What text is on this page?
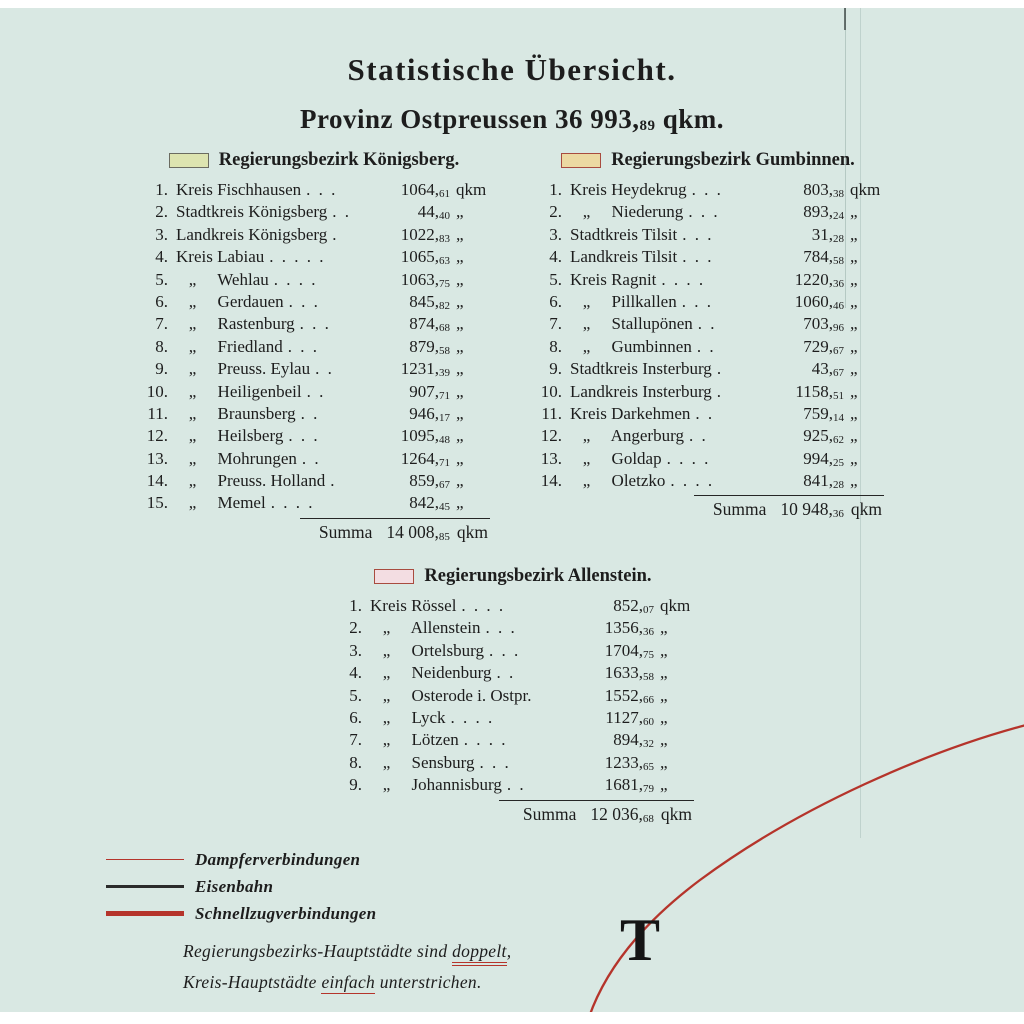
Statistische Übersicht.
Provinz Ostpreussen 36 993,89 qkm.
Regierungsbezirk Königsberg.
1. Kreis Fischhausen . . .	1064,61 qkm
2. Stadtkreis Königsberg . .	44,40 „
3. Landkreis Königsberg .	1022,83 „
4. Kreis Labiau . . . . .	1065,63 „
5. „     Wehlau . . . .	1063,75 „
6. „     Gerdauen . . .	845,82 „
7. „     Rastenburg . . .	874,68 „
8. „     Friedland . . .	879,58 „
9. „     Preuss. Eylau . .	1231,39 „
10. „     Heiligenbeil . .	907,71 „
11. „     Braunsberg . .	946,17 „
12. „     Heilsberg . . .	1095,48 „
13. „     Mohrungen . .	1264,71 „
14. „     Preuss. Holland .	859,67 „
15. „     Memel . . . .	842,45 „
Summa 14 008,85 qkm
Regierungsbezirk Gumbinnen.
1. Kreis Heydekrug . . .	803,38 qkm
2. „     Niederung . . .	893,24 „
3. Stadtkreis Tilsit . . .	31,28 „
4. Landkreis Tilsit . . .	784,58 „
5. Kreis Ragnit . . . .	1220,36 „
6. „     Pillkallen . . .	1060,46 „
7. „     Stallupönen . .	703,96 „
8. „     Gumbinnen . .	729,67 „
9. Stadtkreis Insterburg .	43,67 „
10. Landkreis Insterburg .	1158,51 „
11. Kreis Darkehmen . .	759,14 „
12. „     Angerburg . .	925,62 „
13. „     Goldap . . . .	994,25 „
14. „     Oletzko . . . .	841,28 „
Summa 10 948,36 qkm
Regierungsbezirk Allenstein.
1. Kreis Rössel . . . .	852,07 qkm
2. „     Allenstein . . .	1356,36 „
3. „     Ortelsburg . . .	1704,75 „
4. „     Neidenburg . .	1633,58 „
5. „     Osterode i. Ostpr.	1552,66 „
6. „     Lyck . . . .	1127,60 „
7. „     Lötzen . . . .	894,32 „
8. „     Sensburg . . .	1233,65 „
9. „     Johannisburg . .	1681,79 „
Summa 12 036,68 qkm
Dampferverbindungen
Eisenbahn
Schnellzugverbindungen
Regierungsbezirks-Hauptstädte sind doppelt,
Kreis-Hauptstädte einfach unterstrichen.
T
